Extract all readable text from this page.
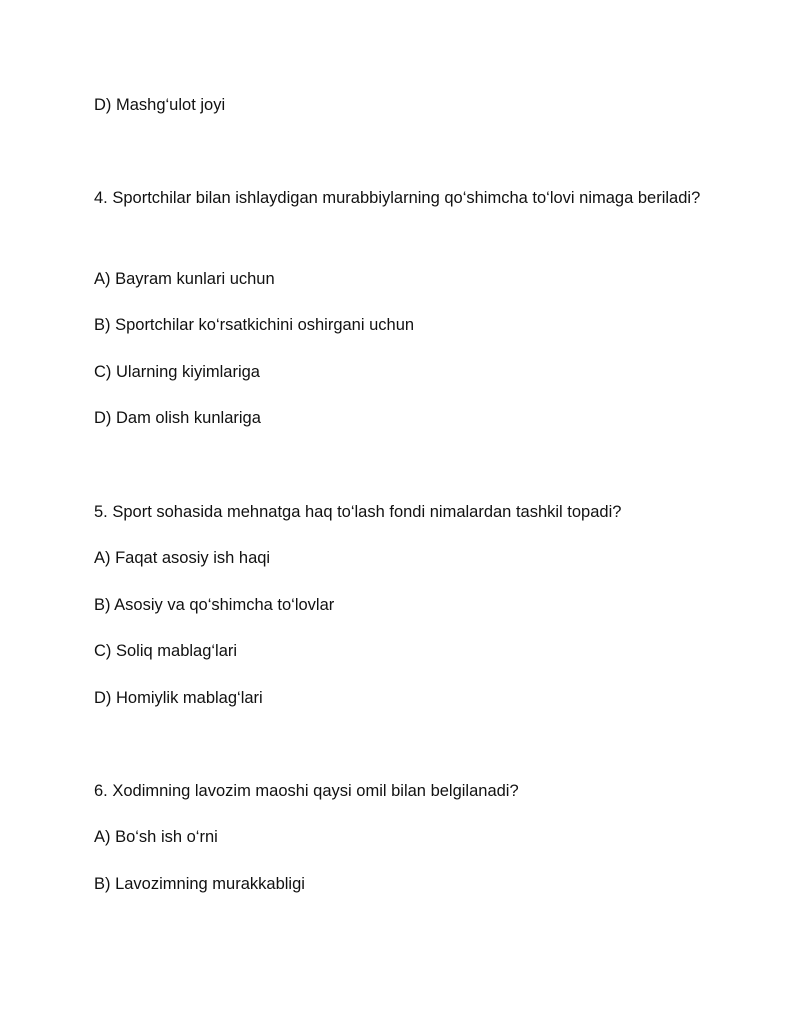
D) Mashg‘ulot joyi
4. Sportchilar bilan ishlaydigan murabbiylarning qo‘shimcha to‘lovi nimaga beriladi?
A) Bayram kunlari uchun
B) Sportchilar ko‘rsatkichini oshirgani uchun
C) Ularning kiyimlariga
D) Dam olish kunlariga
5. Sport sohasida mehnatga haq to‘lash fondi nimalardan tashkil topadi?
A) Faqat asosiy ish haqi
B) Asosiy va qo‘shimcha to‘lovlar
C) Soliq mablag‘lari
D) Homiylik mablag‘lari
6. Xodimning lavozim maoshi qaysi omil bilan belgilanadi?
A) Bo‘sh ish o‘rni
B) Lavozimning murakkabligi
